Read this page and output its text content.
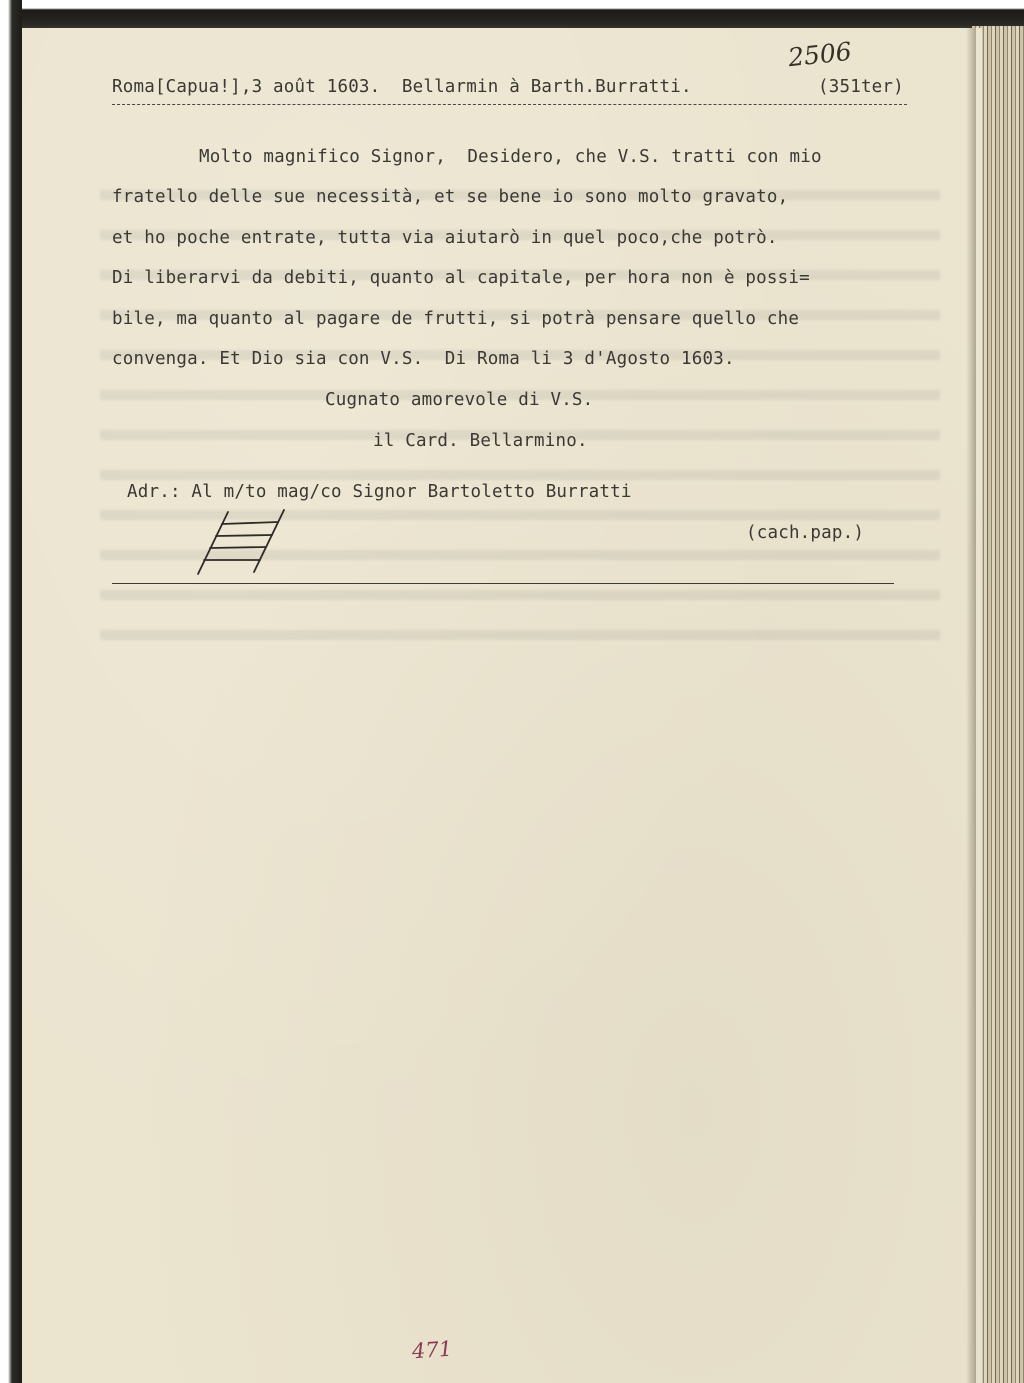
2506
Roma[Capua!],3 août 1603.  Bellarmin à Barth.Burratti.	(351ter)
Molto magnifico Signor,  Desidero, che V.S. tratti con mio
fratello delle sue necessità, et se bene io sono molto gravato,
et ho poche entrate, tutta via aiutarò in quel poco,che potrò.
Di liberarvi da debiti, quanto al capitale, per hora non è possi=
bile, ma quanto al pagare de frutti, si potrà pensare quello che
convenga. Et Dio sia con V.S.  Di Roma li 3 d'Agosto 1603.
Cugnato amorevole di V.S.
il Card. Bellarmino.
Adr.: Al m/to mag/co Signor Bartoletto Burratti
(cach.pap.)
471
